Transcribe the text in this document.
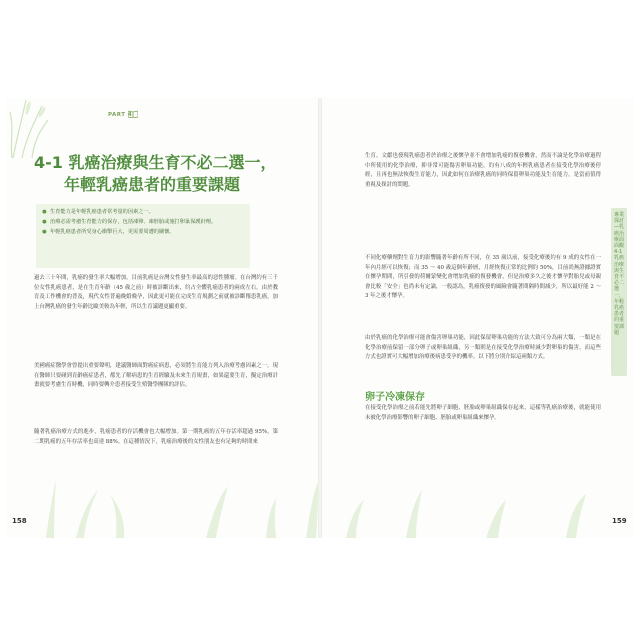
PART 4
4-1 乳癌治療與生育不必二選一，
年輕乳癌患者的重要課題
● 生育能力是年輕乳癌患者常考量的因素之一。
● 治療必需考慮生育能力的保存，包括凍卵、凍胚胎或施打卵巢保護針劑。
● 年輕乳癌患者所受身心衝擊巨大，更需要周遭的關懷。

過去三十年間，乳癌的發生率大幅增加，目前乳癌是台灣女性發生率最高的惡性腫瘤。在台灣約有三千位女性乳癌患者，是在生育年齡（45 歲之前）時被診斷出來，約占全體乳癌患者的兩成左右。由於教育及工作機會的普及，現代女性普遍晚婚晚孕，因此更可能在完成生育規劃之前就被診斷罹患乳癌，加上台灣乳癌的發生年齡比歐美較為年輕，所以生育議題更顯重要。

美國癌症醫學會曾提出重要聲明，建議醫師面對癌症病患，必須將生育能力列入治療考慮因素之一。現在醫師只要碰到育齡癌症患者，都先了解病患的生育經驗及未來生育規畫，如果還要生育，擬定治療計畫就要考慮生育時機，同時要轉介患者接受生殖醫學團隊的評估。

隨著乳癌治療方式的進步，乳癌患者的存活機會也大幅增加。第一期乳癌的五年存活率超過 95%，第二期乳癌的五年存活率也高達 88%。在這種情況下，乳癌治療後的女性朋友也有足夠的時間來

生育。文獻也發現乳癌患者於治療之後懷孕並不會增加乳癌的復發機會，然而不論是化學治療過程中所使用的化學治療，抑非常可能傷害卵巢功能，約有八成的年輕乳癌患者在接受化學治療後停經，且再也無法恢復生育能力，因此如何在治療乳癌的同時保留卵巢功能及生育能力，是當前值得重視及探討的問題。

不同化療藥劑對生育力的影響隨著年齡有所不同，在 35 歲以前，接受化療後約有 9 成的女性在一年內月經可以恢復；而 35 ～ 40 歲這個年齡層，月經恢復正常的比例約 50%，目前尚無證據證實在懷孕期間，所引發的荷爾蒙變化會增加乳癌的復發機會，但是治療多久之後才懷孕對胎兒或母親會比較「安全」也尚未有定論，一般認為，乳癌復發的風險會隨著間隔時間減少，所以最好能 2 ～ 3 年之後才懷孕。

由於乳癌的化學治療可能會傷害卵巢功能，因此保留卵巢功能的方法大致可分為兩大類，一類是在化學治療前保留一部分卵子或卵巢組織，另一類則是在接受化學治療時減少對卵巢的傷害，而這些方式也證實可大幅增加治療後病患受孕的機率。以下將分別介紹這兩類方式。

卵子冷凍保存

在接受化學治療之前若能先將卵子細胞、胚胎或卵巢組織保存起來，這樣等乳癌治療後，就能使用未被化學治療影響的卵子細胞、胚胎或卵巢組織來懷孕。

專業探討—乳癌治療面面觀4-1乳癌治療與生育不必二選一，年輕乳癌患者的重要課題
158	159
